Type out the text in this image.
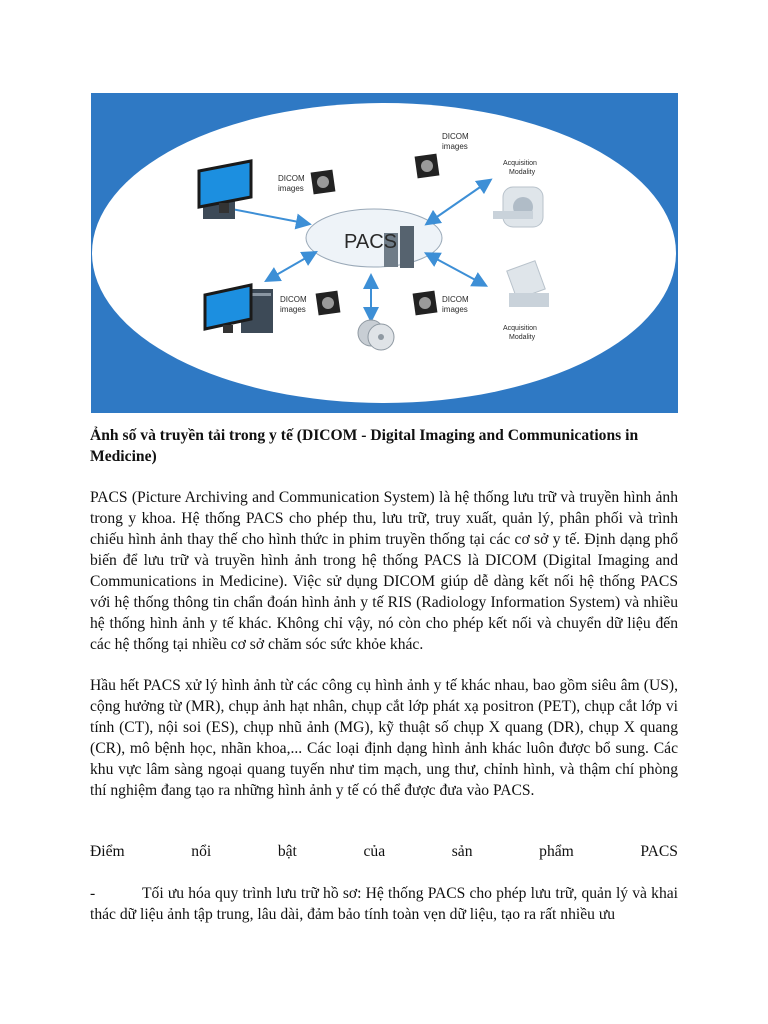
PACS
DICOM
images
DICOM
images
Acquisition
Modality
DICOM
images
DICOM
images
Acquisition
Modality
Ảnh số và truyền tải trong y tế (DICOM - Digital Imaging and Communications in Medicine)

PACS (Picture Archiving and Communication System) là hệ thống lưu trữ và truyền hình ảnh trong y khoa. Hệ thống PACS cho phép thu, lưu trữ, truy xuất, quản lý, phân phối và trình chiếu hình ảnh thay thế cho hình thức in phim truyền thống tại các cơ sở y tế. Định dạng phổ biến để lưu trữ và truyền hình ảnh trong hệ thống PACS là DICOM (Digital Imaging and Communications in Medicine). Việc sử dụng DICOM giúp dễ dàng kết nối hệ thống PACS với hệ thống thông tin chẩn đoán hình ảnh y tế RIS (Radiology Information System) và nhiều hệ thống hình ảnh y tế khác. Không chỉ vậy, nó còn cho phép kết nối và chuyển dữ liệu đến các hệ thống tại nhiều cơ sở chăm sóc sức khỏe khác.

Hầu hết PACS xử lý hình ảnh từ các công cụ hình ảnh y tế khác nhau, bao gồm siêu âm (US), cộng hưởng từ (MR), chụp ảnh hạt nhân, chụp cắt lớp phát xạ positron (PET), chụp cắt lớp vi tính (CT), nội soi (ES), chụp nhũ ảnh (MG), kỹ thuật số chụp X quang (DR), chụp X quang (CR), mô bệnh học, nhãn khoa,... Các loại định dạng hình ảnh khác luôn được bổ sung. Các khu vực lâm sàng ngoại quang tuyến như tim mạch, ung thư, chỉnh hình, và thậm chí phòng thí nghiệm đang tạo ra những hình ảnh y tế có thể được đưa vào PACS.

Điểm	nổi	bật	của	sản	phẩm	PACS
-	Tối ưu hóa quy trình lưu trữ hồ sơ: Hệ thống PACS cho phép lưu trữ, quản lý và khai thác dữ liệu ảnh tập trung, lâu dài, đảm bảo tính toàn vẹn dữ liệu, tạo ra rất nhiều ưu
